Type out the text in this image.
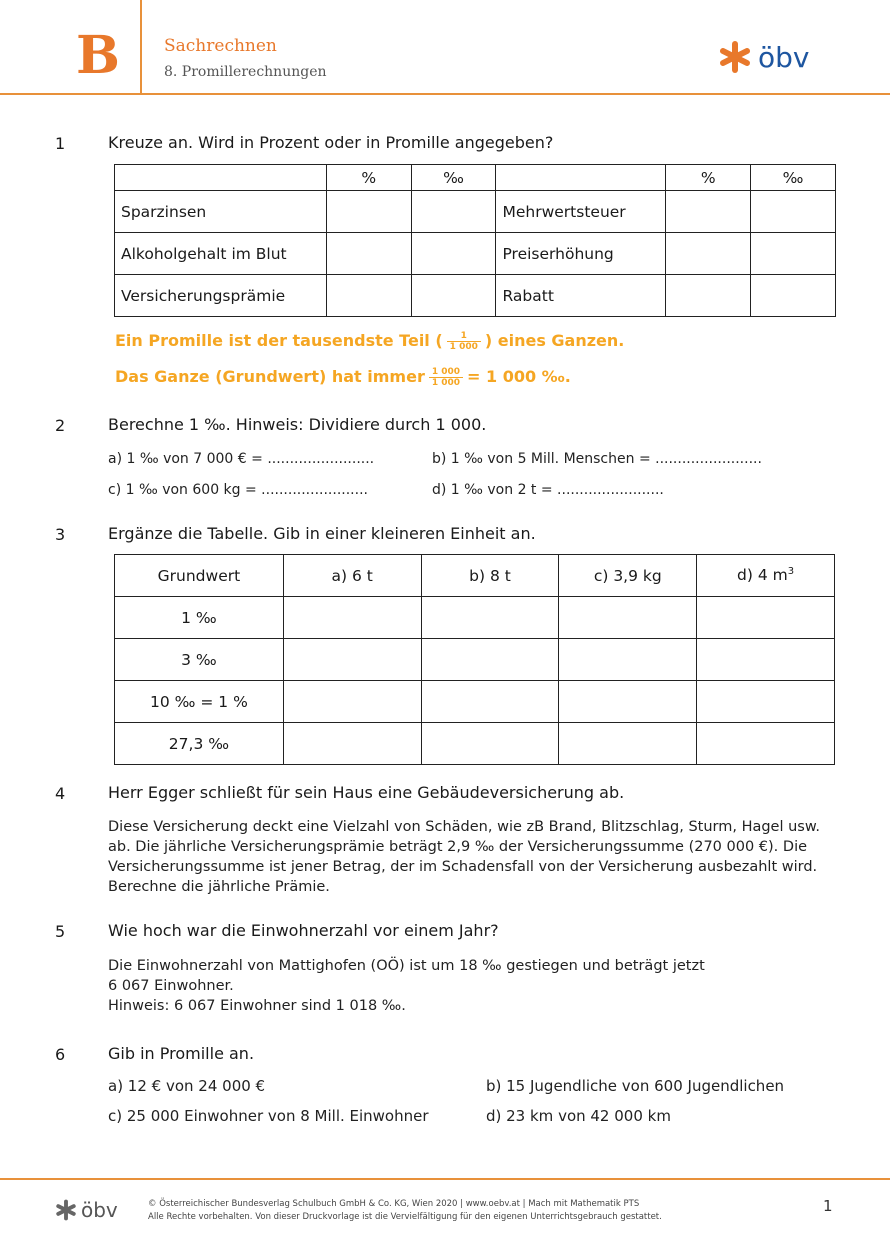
B	Sachrechnen
8. Promillerechnungen	öbv
1	Kreuze an. Wird in Prozent oder in Promille angegeben?
	%	‰		%	‰
Sparzinsen			Mehrwertsteuer		
Alkoholgehalt im Blut			Preiserhöhung		
Versicherungsprämie			Rabatt		
Ein Promille ist der tausendste Teil ( $\frac{1}{1 000}$ ) eines Ganzen.
Das Ganze (Grundwert) hat immer $\frac{1 000}{1 000} = 1$ 000 ‰.
2	Berechne 1 ‰. Hinweis: Dividiere durch 1 000.
a) 1 ‰ von 7 000 € = ........................	b) 1 ‰ von 5 Mill. Menschen = ........................
c) 1 ‰ von 600 kg = ........................	d) 1 ‰ von 2 t = ........................
3	Ergänze die Tabelle. Gib in einer kleineren Einheit an.
Grundwert	a) 6 t	b) 8 t	c) 3,9 kg	d) 4 $m^3$
1 ‰				
3 ‰				
10 ‰ = 1 %				
27,3 ‰				
4	Herr Egger schließt für sein Haus eine Gebäudeversicherung ab.
Diese Versicherung deckt eine Vielzahl von Schäden, wie zB Brand, Blitzschlag, Sturm, Hagel usw.
ab. Die jährliche Versicherungsprämie beträgt 2,9 ‰ der Versicherungssumme (270 000 €). Die
Versicherungssumme ist jener Betrag, der im Schadensfall von der Versicherung ausbezahlt wird.
Berechne die jährliche Prämie.
5	Wie hoch war die Einwohnerzahl vor einem Jahr?
Die Einwohnerzahl von Mattighofen (OÖ) ist um 18 ‰ gestiegen und beträgt jetzt
6 067 Einwohner.
Hinweis: 6 067 Einwohner sind 1 018 ‰.
6	Gib in Promille an.
a) 12 € von 24 000 €	b) 15 Jugendliche von 600 Jugendlichen
c) 25 000 Einwohner von 8 Mill. Einwohner	d) 23 km von 42 000 km
öbv	© Österreichischer Bundesverlag Schulbuch GmbH & Co. KG, Wien 2020 | www.oebv.at | Mach mit Mathematik PTS
Alle Rechte vorbehalten. Von dieser Druckvorlage ist die Vervielfältigung für den eigenen Unterrichtsgebrauch gestattet.
1
